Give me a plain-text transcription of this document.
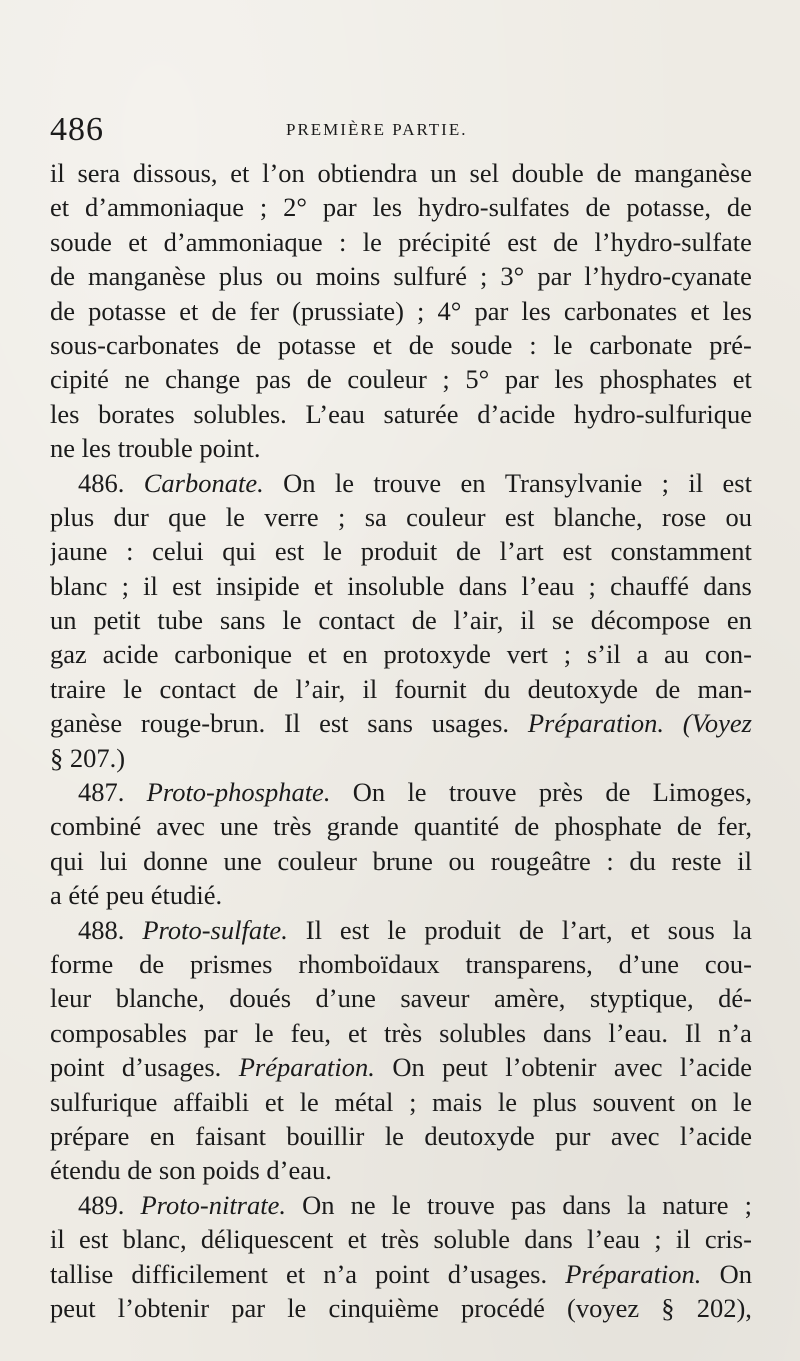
486	PREMIÈRE PARTIE.
il sera dissous, et l’on obtiendra un sel double de manganèse
et d’ammoniaque ; 2° par les hydro-sulfates de potasse, de
soude et d’ammoniaque : le précipité est de l’hydro-sulfate
de manganèse plus ou moins sulfuré ; 3° par l’hydro-cyanate
de potasse et de fer (prussiate) ; 4° par les carbonates et les
sous-carbonates de potasse et de soude : le carbonate pré-
cipité ne change pas de couleur ; 5° par les phosphates et
les borates solubles. L’eau saturée d’acide hydro-sulfurique
ne les trouble point.
486. Carbonate. On le trouve en Transylvanie ; il est
plus dur que le verre ; sa couleur est blanche, rose ou
jaune : celui qui est le produit de l’art est constamment
blanc ; il est insipide et insoluble dans l’eau ; chauffé dans
un petit tube sans le contact de l’air, il se décompose en
gaz acide carbonique et en protoxyde vert ; s’il a au con-
traire le contact de l’air, il fournit du deutoxyde de man-
ganèse rouge-brun. Il est sans usages. Préparation. (Voyez
§ 207.)
487. Proto-phosphate. On le trouve près de Limoges,
combiné avec une très grande quantité de phosphate de fer,
qui lui donne une couleur brune ou rougeâtre : du reste il
a été peu étudié.
488. Proto-sulfate. Il est le produit de l’art, et sous la
forme de prismes rhomboïdaux transparens, d’une cou-
leur blanche, doués d’une saveur amère, styptique, dé-
composables par le feu, et très solubles dans l’eau. Il n’a
point d’usages. Préparation. On peut l’obtenir avec l’acide
sulfurique affaibli et le métal ; mais le plus souvent on le
prépare en faisant bouillir le deutoxyde pur avec l’acide
étendu de son poids d’eau.
489. Proto-nitrate. On ne le trouve pas dans la nature ;
il est blanc, déliquescent et très soluble dans l’eau ; il cris-
tallise difficilement et n’a point d’usages. Préparation. On
peut l’obtenir par le cinquième procédé (voyez § 202),
